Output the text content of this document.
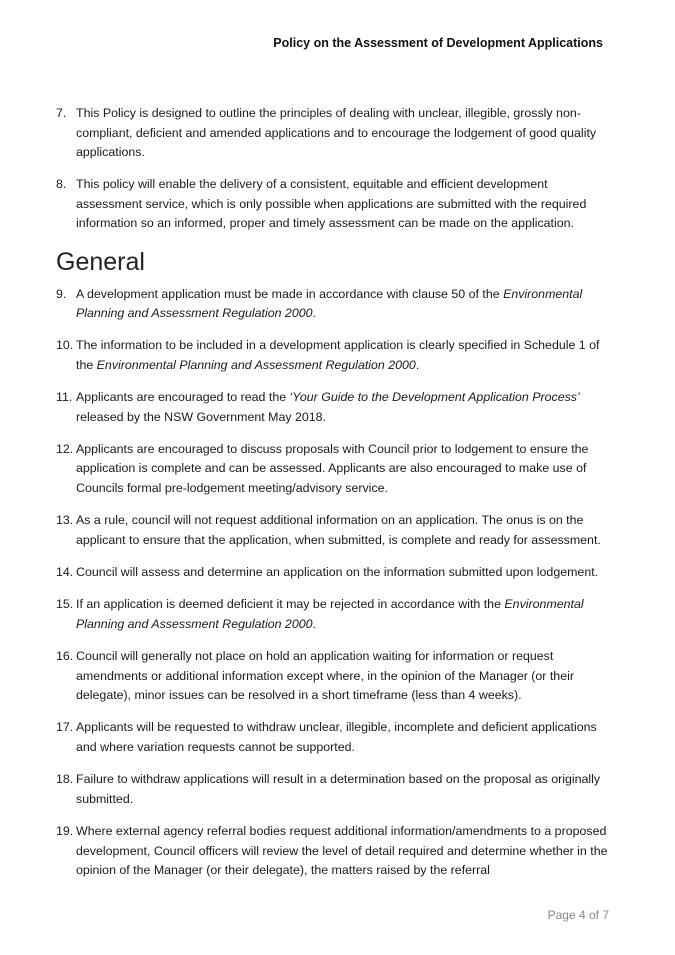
Policy on the Assessment of Development Applications
7. This Policy is designed to outline the principles of dealing with unclear, illegible, grossly non-compliant, deficient and amended applications and to encourage the lodgement of good quality applications.
8. This policy will enable the delivery of a consistent, equitable and efficient development assessment service, which is only possible when applications are submitted with the required information so an informed, proper and timely assessment can be made on the application.
General
9. A development application must be made in accordance with clause 50 of the Environmental Planning and Assessment Regulation 2000.
10. The information to be included in a development application is clearly specified in Schedule 1 of the Environmental Planning and Assessment Regulation 2000.
11. Applicants are encouraged to read the ‘Your Guide to the Development Application Process’ released by the NSW Government May 2018.
12. Applicants are encouraged to discuss proposals with Council prior to lodgement to ensure the application is complete and can be assessed. Applicants are also encouraged to make use of Councils formal pre-lodgement meeting/advisory service.
13. As a rule, council will not request additional information on an application. The onus is on the applicant to ensure that the application, when submitted, is complete and ready for assessment.
14. Council will assess and determine an application on the information submitted upon lodgement.
15. If an application is deemed deficient it may be rejected in accordance with the Environmental Planning and Assessment Regulation 2000.
16. Council will generally not place on hold an application waiting for information or request amendments or additional information except where, in the opinion of the Manager (or their delegate), minor issues can be resolved in a short timeframe (less than 4 weeks).
17. Applicants will be requested to withdraw unclear, illegible, incomplete and deficient applications and where variation requests cannot be supported.
18. Failure to withdraw applications will result in a determination based on the proposal as originally submitted.
19. Where external agency referral bodies request additional information/amendments to a proposed development, Council officers will review the level of detail required and determine whether in the opinion of the Manager (or their delegate), the matters raised by the referral
Page 4 of 7
